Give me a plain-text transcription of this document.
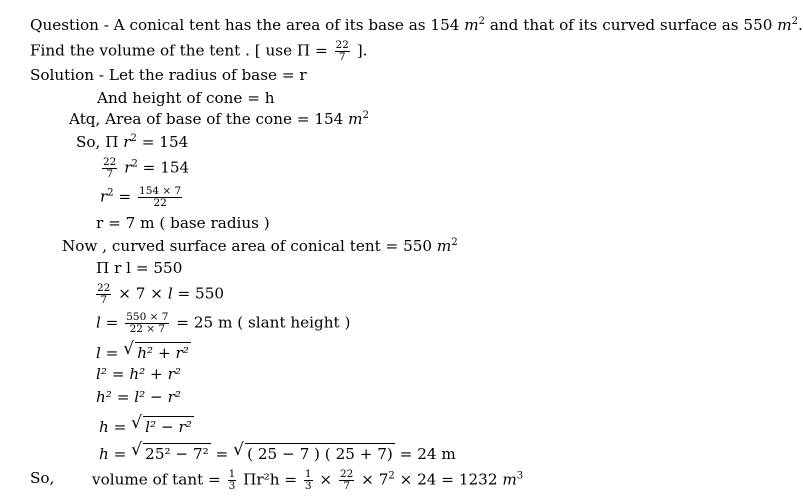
Question - A conical tent has the area of its base as 154 $m^2$ and that of its curved surface as 550 $m^2$.
Find the volume of the tent . [ use $\Pi = \frac{22}{7}$ ].
Solution - Let the radius of base = r
And height of cone = h
Atq, Area of base of the cone = 154 $m^2$
So, Π $r^2 = 154$
$\frac{22}{7} r^2 = 154$
$r^2 = \frac{154 \times 7}{22}$
r = 7 m ( base radius )
Now , curved surface area of conical tent = 550 $m^2$
Π r l = 550
$\frac{22}{7} \times 7 \times l = 550$
$l = \frac{550 \times 7}{22 \times 7} = 25$ m ( slant height )
l = √ h² + r²
l² = h² + r²
h² = l² − r²
h = √ l² − r²
h = √ 25² − 7² = √ ( 25 − 7 ) ( 25 + 7) = 24 m
So, volume of $\tan t = \frac{1}{3} \Pi r^2h = \frac{1}{3} \times \frac{22}{7} \times 7^2 \times 24 = 1232$ $m^3$
